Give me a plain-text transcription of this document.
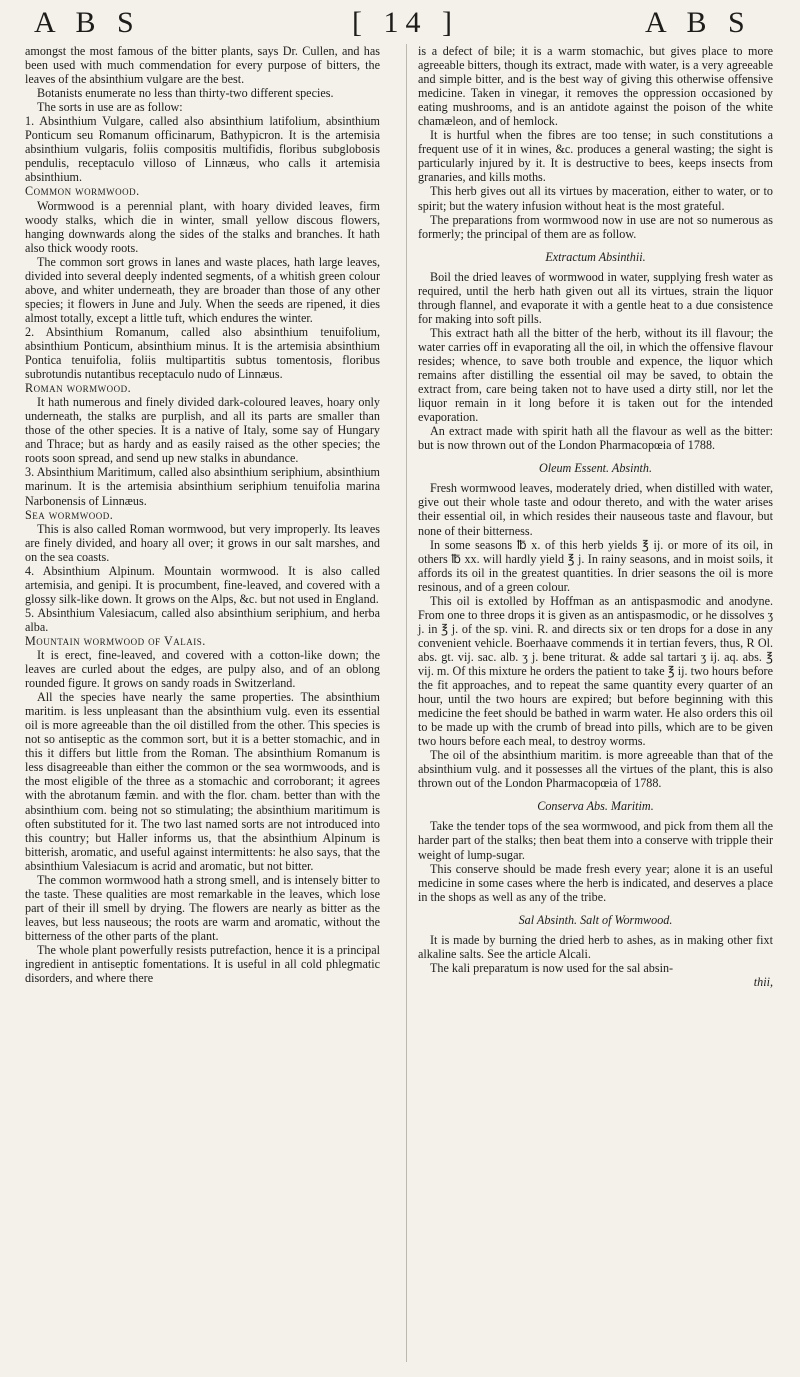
A B S	[ 14 ]	A B S

amongst the most famous of the bitter plants, says Dr. Cullen, and has been used with much commendation for every purpose of bitters, the leaves of the absinthium vulgare are the best.

Botanists enumerate no less than thirty-two different species.

The sorts in use are as follow:

1. Absinthium Vulgare, called also absinthium latifolium, absinthium Ponticum seu Romanum officinarum, Bathypicron. It is the artemisia absinthium vulgaris, foliis compositis multifidis, floribus subglobosis pendulis, receptaculo villoso of Linnæus, who calls it artemisia absinthium.

Common wormwood.

Wormwood is a perennial plant, with hoary divided leaves, firm woody stalks, which die in winter, small yellow discous flowers, hanging downwards along the sides of the stalks and branches. It hath also thick woody roots.

The common sort grows in lanes and waste places, hath large leaves, divided into several deeply indented segments, of a whitish green colour above, and whiter underneath, they are broader than those of any other species; it flowers in June and July. When the seeds are ripened, it dies almost totally, except a little tuft, which endures the winter.

2. Absinthium Romanum, called also absinthium tenuifolium, absinthium Ponticum, absinthium minus. It is the artemisia absinthium Pontica tenuifolia, foliis multipartitis subtus tomentosis, floribus subrotundis nutantibus receptaculo nudo of Linnæus.

Roman wormwood.

It hath numerous and finely divided dark-coloured leaves, hoary only underneath, the stalks are purplish, and all its parts are smaller than those of the other species. It is a native of Italy, some say of Hungary and Thrace; but as hardy and as easily raised as the other species; the roots soon spread, and send up new stalks in abundance.

3. Absinthium Maritimum, called also absinthium seriphium, absinthium marinum. It is the artemisia absinthium seriphium tenuifolia marina Narbonensis of Linnæus.

Sea wormwood.

This is also called Roman wormwood, but very improperly. Its leaves are finely divided, and hoary all over; it grows in our salt marshes, and on the sea coasts.

4. Absinthium Alpinum. Mountain wormwood. It is also called artemisia, and genipi. It is procumbent, fine-leaved, and covered with a glossy silk-like down. It grows on the Alps, &c. but not used in England.

5. Absinthium Valesiacum, called also absinthium seriphium, and herba alba.

Mountain wormwood of Valais.

It is erect, fine-leaved, and covered with a cotton-like down; the leaves are curled about the edges, are pulpy also, and of an oblong rounded figure. It grows on sandy roads in Switzerland.

All the species have nearly the same properties. The absinthium maritim. is less unpleasant than the absinthium vulg. even its essential oil is more agreeable than the oil distilled from the other. This species is not so antiseptic as the common sort, but it is a better stomachic, and in this it differs but little from the Roman. The absinthium Romanum is less disagreeable than either the common or the sea wormwoods, and is the most eligible of the three as a stomachic and corroborant; it agrees with the abrotanum fæmin. and with the flor. cham. better than with the absinthium com. being not so stimulating; the absinthium maritimum is often substituted for it. The two last named sorts are not introduced into this country; but Haller informs us, that the absinthium Alpinum is bitterish, aromatic, and useful against intermittents: he also says, that the absinthium Valesiacum is acrid and aromatic, but not bitter.

The common wormwood hath a strong smell, and is intensely bitter to the taste. These qualities are most remarkable in the leaves, which lose part of their ill smell by drying. The flowers are nearly as bitter as the leaves, but less nauseous; the roots are warm and aromatic, without the bitterness of the other parts of the plant.

The whole plant powerfully resists putrefaction, hence it is a principal ingredient in antiseptic fomentations. It is useful in all cold phlegmatic disorders, and where there

is a defect of bile; it is a warm stomachic, but gives place to more agreeable bitters, though its extract, made with water, is a very agreeable and simple bitter, and is the best way of giving this otherwise offensive medicine. Taken in vinegar, it removes the oppression occasioned by eating mushrooms, and is an antidote against the poison of the white chamæleon, and of hemlock.

It is hurtful when the fibres are too tense; in such constitutions a frequent use of it in wines, &c. produces a general wasting; the sight is particularly injured by it. It is destructive to bees, keeps insects from granaries, and kills moths.

This herb gives out all its virtues by maceration, either to water, or to spirit; but the watery infusion without heat is the most grateful.

The preparations from wormwood now in use are not so numerous as formerly; the principal of them are as follow.

Extractum Absinthii.

Boil the dried leaves of wormwood in water, supplying fresh water as required, until the herb hath given out all its virtues, strain the liquor through flannel, and evaporate it with a gentle heat to a due consistence for making into soft pills.

This extract hath all the bitter of the herb, without its ill flavour; the water carries off in evaporating all the oil, in which the offensive flavour resides; whence, to save both trouble and expence, the liquor which remains after distilling the essential oil may be saved, to obtain the extract from, care being taken not to have used a dirty still, nor let the liquor remain in it long before it is taken out for the intended evaporation.

An extract made with spirit hath all the flavour as well as the bitter: but is now thrown out of the London Pharmacopœia of 1788.

Oleum Essent. Absinth.

Fresh wormwood leaves, moderately dried, when distilled with water, give out their whole taste and odour thereto, and with the water arises their essential oil, in which resides their nauseous taste and flavour, but none of their bitterness.

In some seasons ℔ x. of this herb yields ℥ ij. or more of its oil, in others ℔ xx. will hardly yield ℥ j. In rainy seasons, and in moist soils, it affords its oil in the greatest quantities. In drier seasons the oil is more resinous, and of a green colour.

This oil is extolled by Hoffman as an antispasmodic and anodyne. From one to three drops it is given as an antispasmodic, or he dissolves ʒ j. in ℥ j. of the sp. vini. R. and directs six or ten drops for a dose in any convenient vehicle. Boerhaave commends it in tertian fevers, thus, R Ol. abs. gt. vij. sac. alb. ʒ j. bene triturat. & adde sal tartari ʒ ij. aq. abs. ℥ vij. m. Of this mixture he orders the patient to take ℥ ij. two hours before the fit approaches, and to repeat the same quantity every quarter of an hour, until the two hours are expired; but before beginning with this medicine the feet should be bathed in warm water. He also orders this oil to be made up with the crumb of bread into pills, which are to be given two hours before each meal, to destroy worms.

The oil of the absinthium maritim. is more agreeable than that of the absinthium vulg. and it possesses all the virtues of the plant, this is also thrown out of the London Pharmacopœia of 1788.

Conserva Abs. Maritim.

Take the tender tops of the sea wormwood, and pick from them all the harder part of the stalks; then beat them into a conserve with tripple their weight of lump-sugar.

This conserve should be made fresh every year; alone it is an useful medicine in some cases where the herb is indicated, and deserves a place in the shops as well as any of the tribe.

Sal Absinth. Salt of Wormwood.

It is made by burning the dried herb to ashes, as in making other fixt alkaline salts. See the article Alcali.

The kali preparatum is now used for the sal absin-

thii,
